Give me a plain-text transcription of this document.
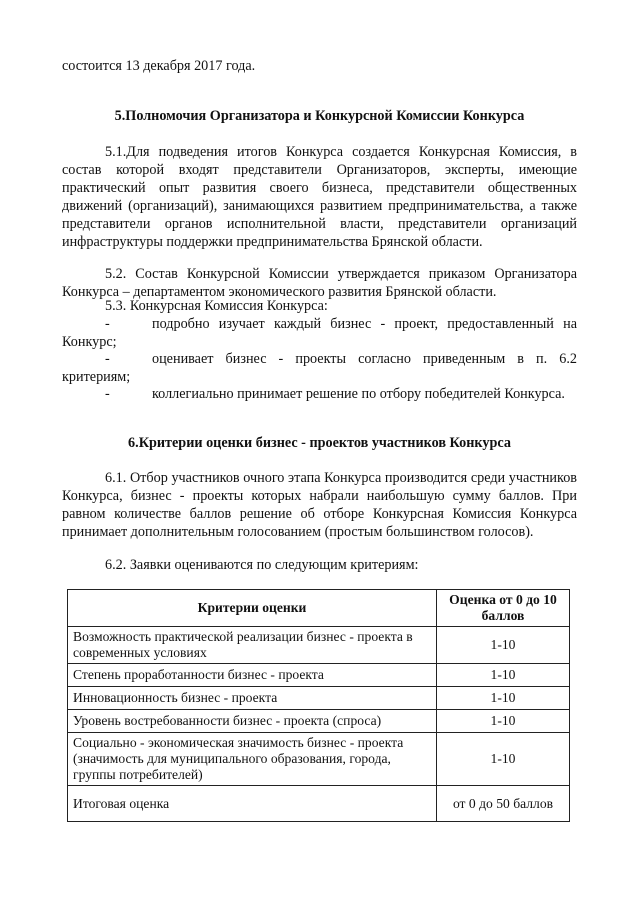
состоится 13 декабря 2017 года.

5.Полномочия Организатора и Конкурсной Комиссии Конкурса

5.1.Для подведения итогов Конкурса создается Конкурсная Комиссия, в состав которой входят представители Организаторов, эксперты, имеющие практический опыт развития своего бизнеса, представители общественных движений (организаций), занимающихся развитием предпринимательства, а также представители органов исполнительной власти, представители организаций инфраструктуры поддержки предпринимательства Брянской области.

5.2. Состав Конкурсной Комиссии утверждается приказом Организатора Конкурса – департаментом экономического развития Брянской области.

5.3. Конкурсная Комиссия Конкурса:

-	подробно изучает каждый бизнес - проект, предоставленный на Конкурс;

-	оценивает бизнес - проекты согласно приведенным в п. 6.2 критериям;

-	коллегиально принимает решение по отбору победителей Конкурса.

6.Критерии оценки бизнес - проектов участников Конкурса

6.1. Отбор участников очного этапа Конкурса производится среди участников Конкурса, бизнес - проекты которых набрали наибольшую сумму баллов. При равном количестве баллов решение об отборе Конкурсная Комиссия Конкурса принимает дополнительным голосованием (простым большинством голосов).

6.2. Заявки оцениваются по следующим критериям:

Критерии оценки	Оценка от 0 до 10 баллов
Возможность практической реализации бизнес - проекта в современных условиях	1-10
Степень проработанности бизнес - проекта	1-10
Инновационность бизнес - проекта	1-10
Уровень востребованности бизнес - проекта (спроса)	1-10
Социально - экономическая значимость бизнес - проекта (значимость для муниципального образования, города, группы потребителей)	1-10
Итоговая оценка	от 0 до 50 баллов
